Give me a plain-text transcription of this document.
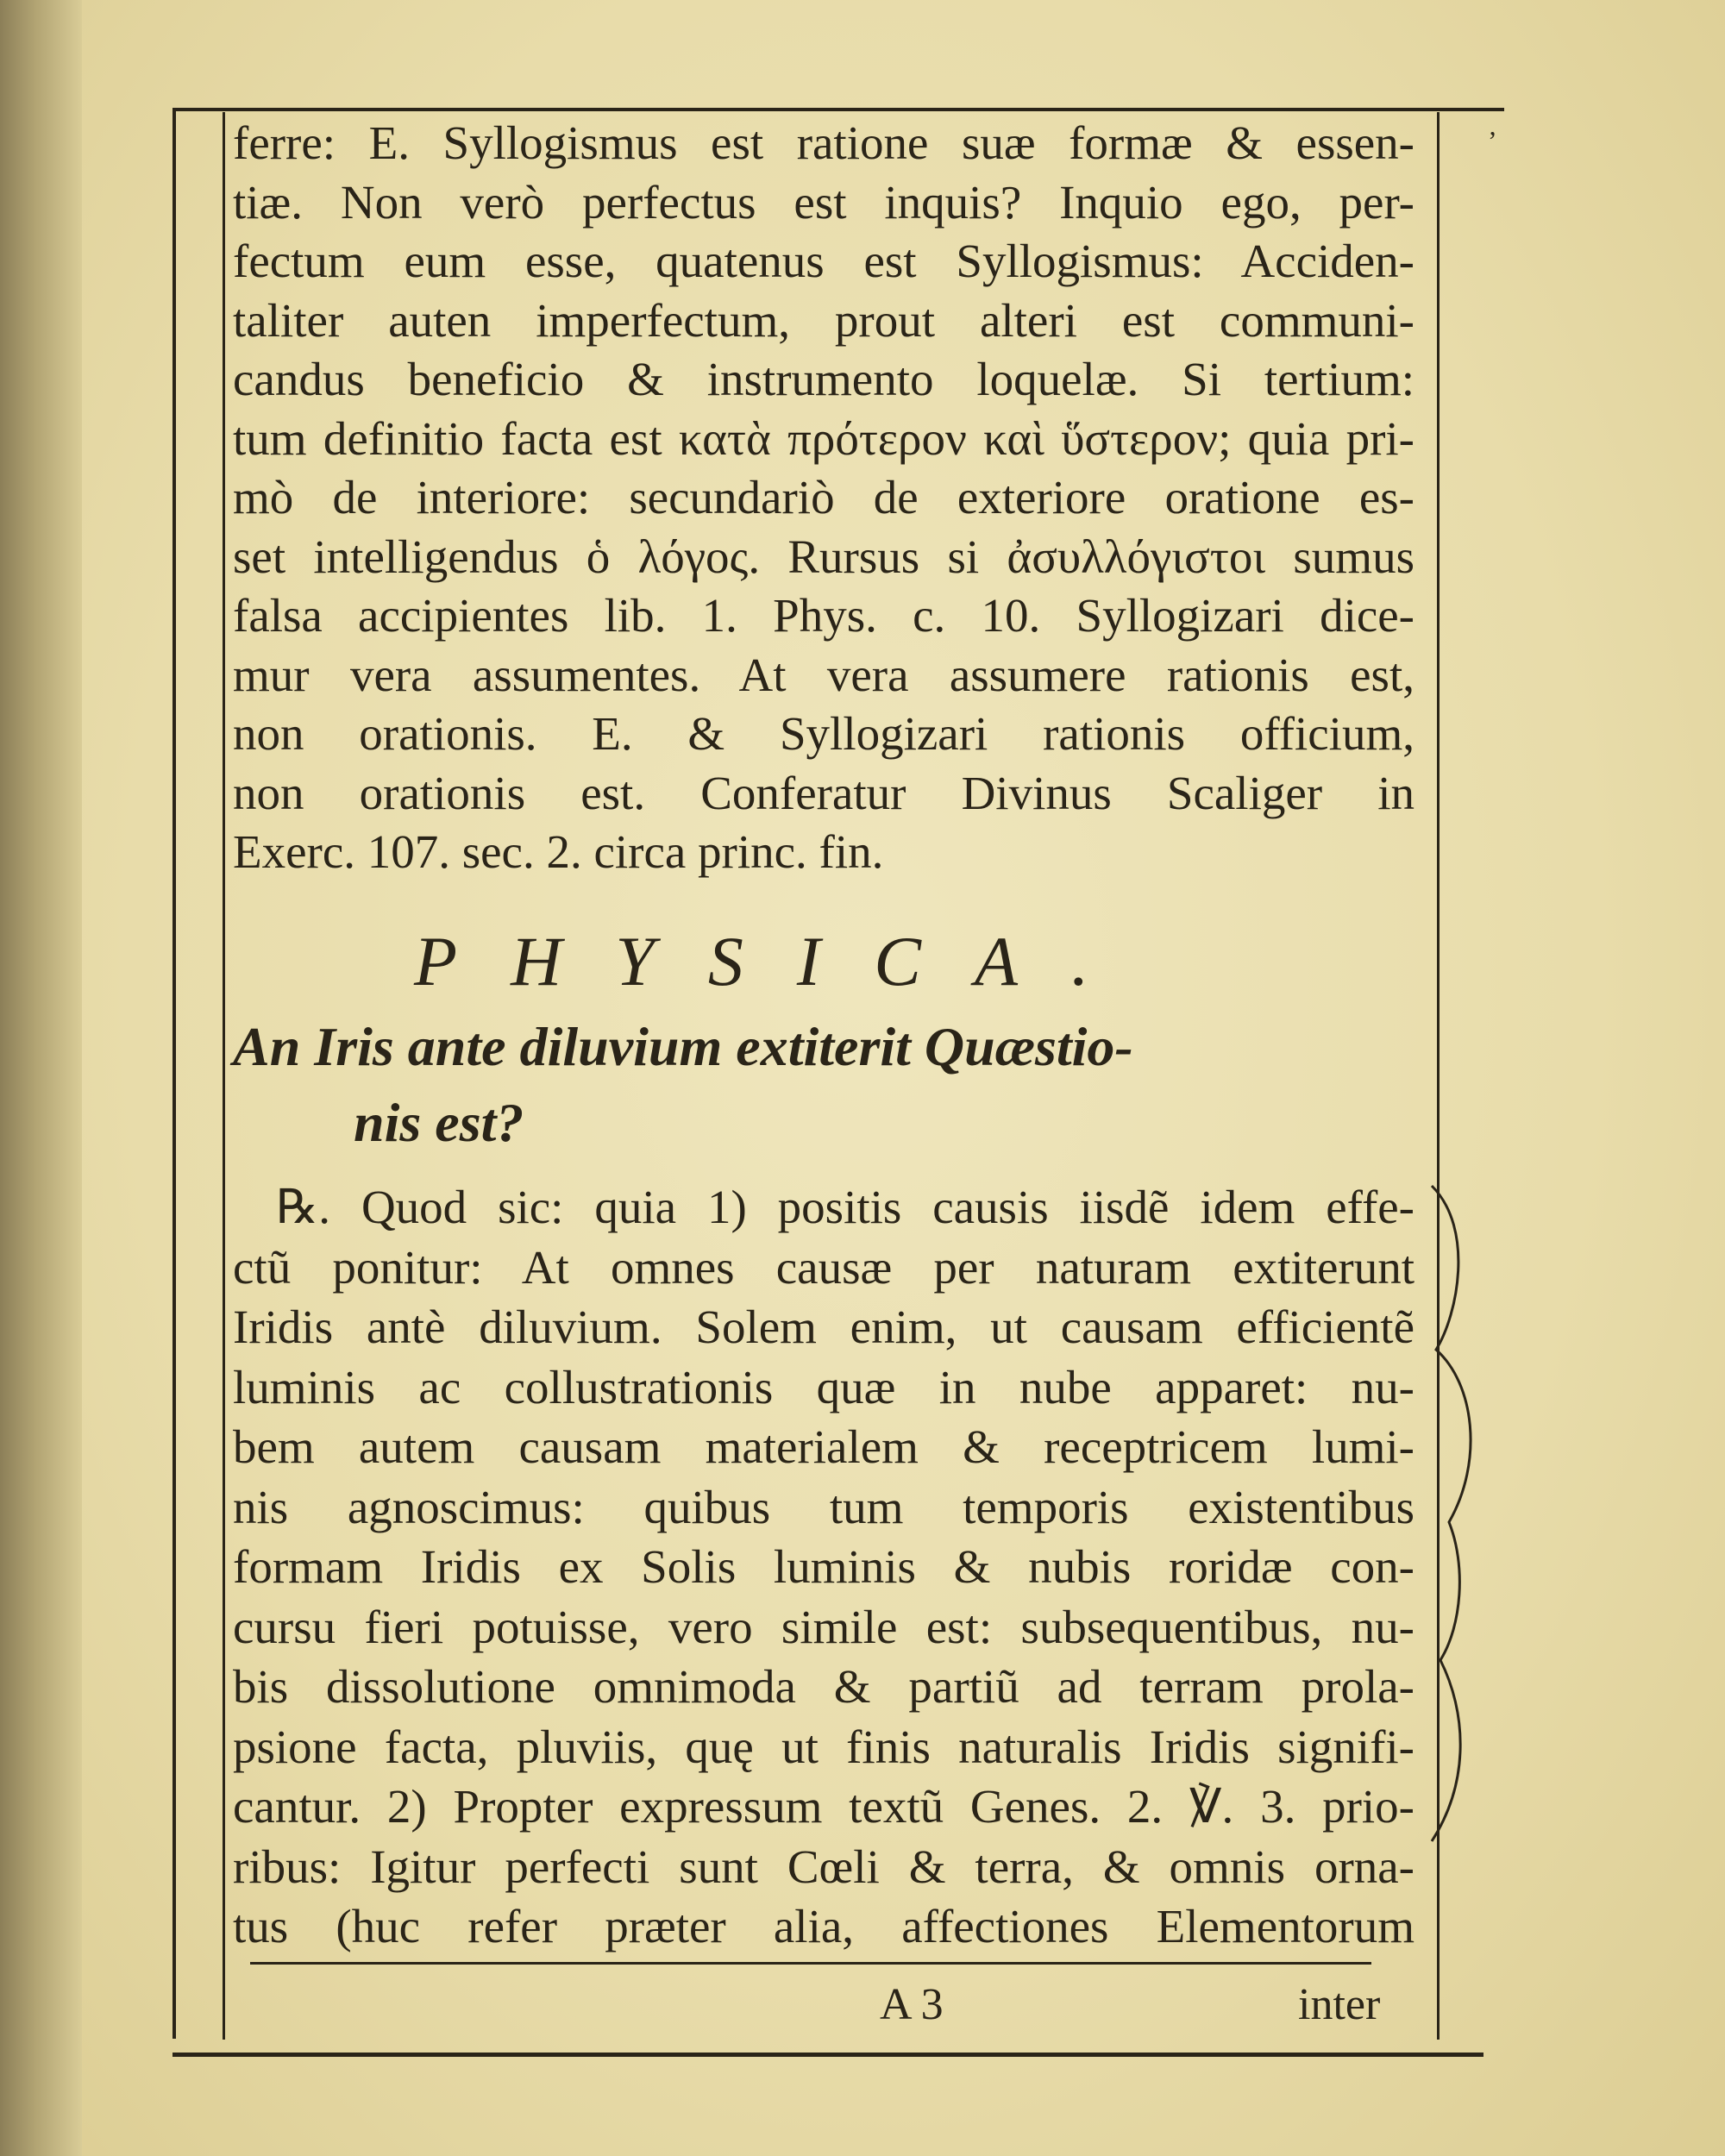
ʼ
ferre: E. Syllogismus est ratione suæ formæ & essen-
tiæ. Non verò perfectus est inquis? Inquio ego, per-
fectum eum esse, quatenus est Syllogismus: Acciden-
taliter auten imperfectum, prout alteri est communi-
candus beneficio & instrumento loquelæ. Si tertium:
tum definitio facta est κατὰ πρότερον καὶ ὕστερον; quia pri-
mò de interiore: secundariò de exteriore oratione es-
set intelligendus ὁ λόγος. Rursus si ἀσυλλόγιστοι sumus
falsa accipientes lib. 1. Phys. c. 10. Syllogizari dice-
mur vera assumentes. At vera assumere rationis est,
non orationis. E. & Syllogizari rationis officium,
non orationis est. Conferatur Divinus Scaliger in
Exerc. 107. sec. 2. circa princ. fin.
PHYSICA.
An Iris ante diluvium extiterit Quæstio-
nis est?
℞. Quod sic: quia 1) positis causis iisdẽ idem effe-
ctũ ponitur: At omnes causæ per naturam extiterunt
Iridis antè diluvium. Solem enim, ut causam efficientẽ
luminis ac collustrationis quæ in nube apparet: nu-
bem autem causam materialem & receptricem lumi-
nis agnoscimus: quibus tum temporis existentibus
formam Iridis ex Solis luminis & nubis roridæ con-
cursu fieri potuisse, vero simile est: subsequentibus, nu-
bis dissolutione omnimoda & partiũ ad terram prola-
psione facta, pluviis, quę ut finis naturalis Iridis signifi-
cantur. 2) Propter expressum textũ Genes. 2. ℣. 3. prio-
ribus: Igitur perfecti sunt Cœli & terra, & omnis orna-
tus (huc refer præter alia, affectiones Elementorum
A 3	inter
